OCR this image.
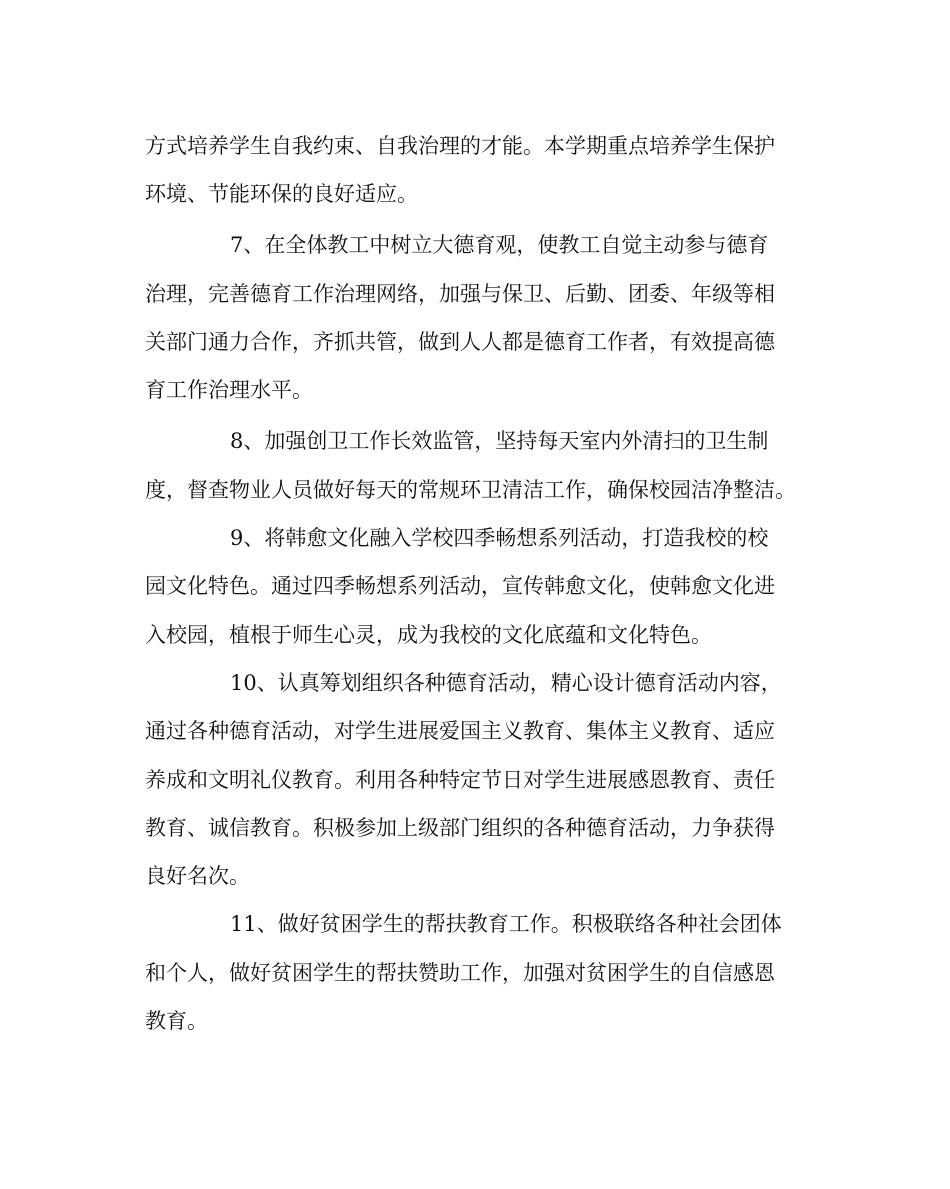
方式培养学生自我约束、自我治理的才能。本学期重点培养学生保护

环境、节能环保的良好适应。

7、在全体教工中树立大德育观，使教工自觉主动参与德育

治理，完善德育工作治理网络，加强与保卫、后勤、团委、年级等相

关部门通力合作，齐抓共管，做到人人都是德育工作者，有效提高德

育工作治理水平。

8、加强创卫工作长效监管，坚持每天室内外清扫的卫生制

度，督查物业人员做好每天的常规环卫清洁工作，确保校园洁净整洁。

9、将韩愈文化融入学校四季畅想系列活动，打造我校的校

园文化特色。通过四季畅想系列活动，宣传韩愈文化，使韩愈文化进

入校园，植根于师生心灵，成为我校的文化底蕴和文化特色。

10、认真筹划组织各种德育活动，精心设计德育活动内容，

通过各种德育活动，对学生进展爱国主义教育、集体主义教育、适应

养成和文明礼仪教育。利用各种特定节日对学生进展感恩教育、责任

教育、诚信教育。积极参加上级部门组织的各种德育活动，力争获得

良好名次。

11、做好贫困学生的帮扶教育工作。积极联络各种社会团体

和个人，做好贫困学生的帮扶赞助工作，加强对贫困学生的自信感恩

教育。
